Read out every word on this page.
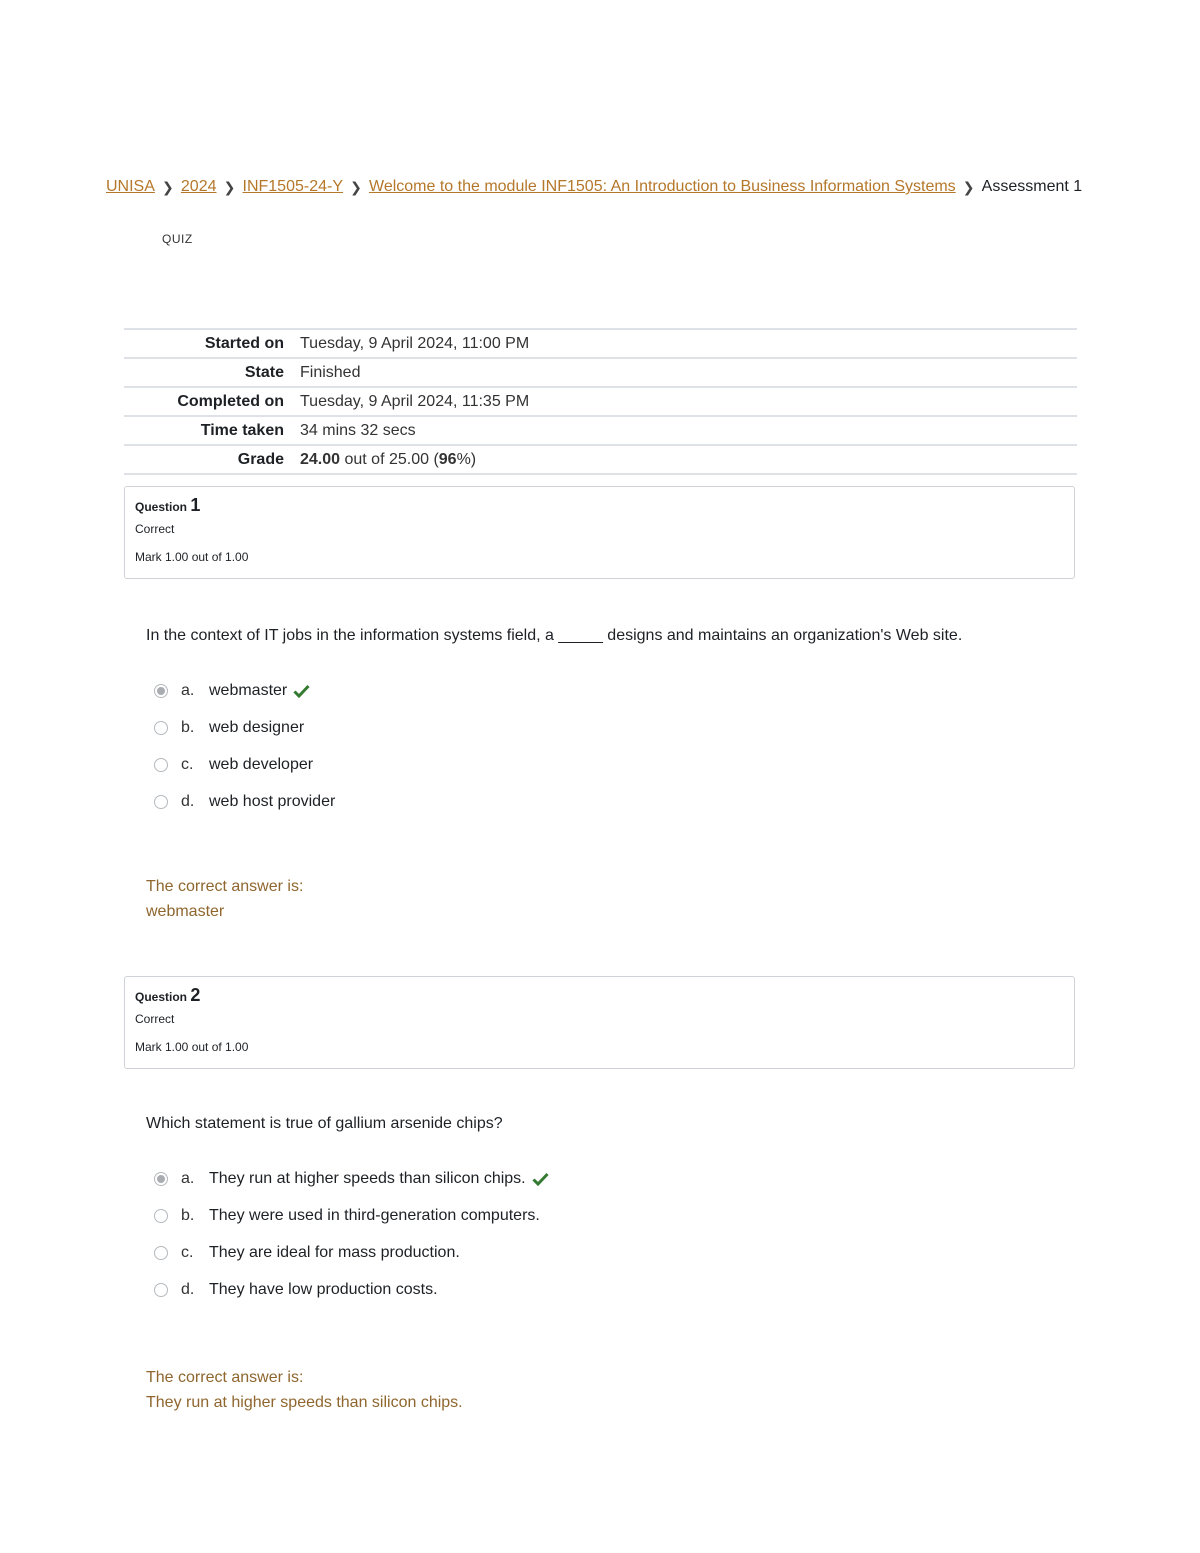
UNISA ❯ 2024 ❯ INF1505-24-Y ❯ Welcome to the module INF1505: An Introduction to Business Information Systems ❯ Assessment 1
QUIZ
Started on	Tuesday, 9 April 2024, 11:00 PM
State	Finished
Completed on	Tuesday, 9 April 2024, 11:35 PM
Time taken	34 mins 32 secs
Grade	24.00 out of 25.00 (96%)
Question 1
Correct
Mark 1.00 out of 1.00
In the context of IT jobs in the information systems field, a _____ designs and maintains an organization's Web site.
a. webmaster
b. web designer
c. web developer
d. web host provider
The correct answer is:
webmaster
Question 2
Correct
Mark 1.00 out of 1.00
Which statement is true of gallium arsenide chips?
a. They run at higher speeds than silicon chips.
b. They were used in third-generation computers.
c. They are ideal for mass production.
d. They have low production costs.
The correct answer is:
They run at higher speeds than silicon chips.
